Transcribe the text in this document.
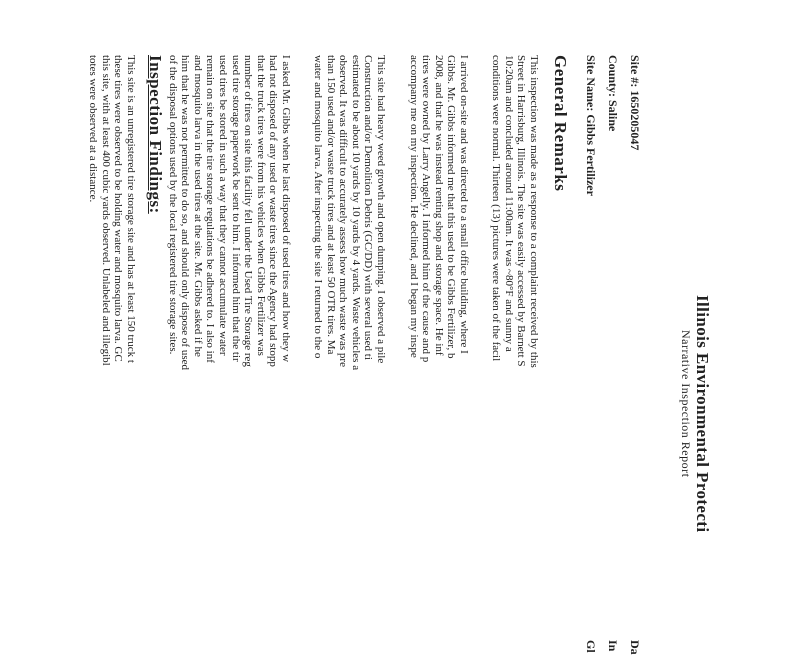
Illinois Environmental Protecti
Narrative Inspection Report
Site #: 1650205047
County: Saline
Site Name: Gibbs Fertilizer
Da
In
Gl
General Remarks
This inspection was made as a response to a complaint received by this
Street in Harrisburg, Illinois. The site was easily accessed by Barnett S
10:20am and concluded around 11:00am. It was ~80°F and sunny a
conditions were normal. Thirteen (13) pictures were taken of the facil
I arrived on-site and was directed to a small office building, where I
Gibbs. Mr. Gibbs informed me that this used to be Gibbs Fertilizer, b
2008, and that he was instead renting shop and storage space. He inf
tires were owned by Larry Angelly. I informed him of the cause and p
accompany me on my inspection. He declined, and I began my inspe
This site had heavy weed growth and open dumping. I observed a pile
Construction and/or Demolition Debris (GC/DD) with several used ti
estimated to be about 10 yards by 10 yards by 4 yards. Waste vehicles a
observed. It was difficult to accurately assess how much waste was pre
than 150 used and/or waste truck tires and at least 50 OTR tires. Ma
water and mosquito larva. After inspecting the site I returned to the o
I asked Mr. Gibbs when he last disposed of used tires and how they w
had not disposed of any used or waste tires since the Agency had stopp
that the truck tires were from his vehicles when Gibbs Fertilizer was
number of tires on site this facility fell under the Used Tire Storage reg
used tire storage paperwork be sent to him. I informed him that the tir
used tires be stored in such a way that they cannot accumulate water
remain on site that the tire storage regulations be adhered to. I also inf
and mosquito larva in the used tires at the site. Mr. Gibbs asked if he
him that he was not permitted to do so, and should only dispose of used
of the disposal options used by the local registered tire storage sites.
Inspection Findings:
This site is an unregistered tire storage site and has at least 150 truck t
these tires were observed to be holding water and mosquito larva. GC
this site, with at least 400 cubic yards observed. Unlabeled and illegibl
totes were observed at a distance.
